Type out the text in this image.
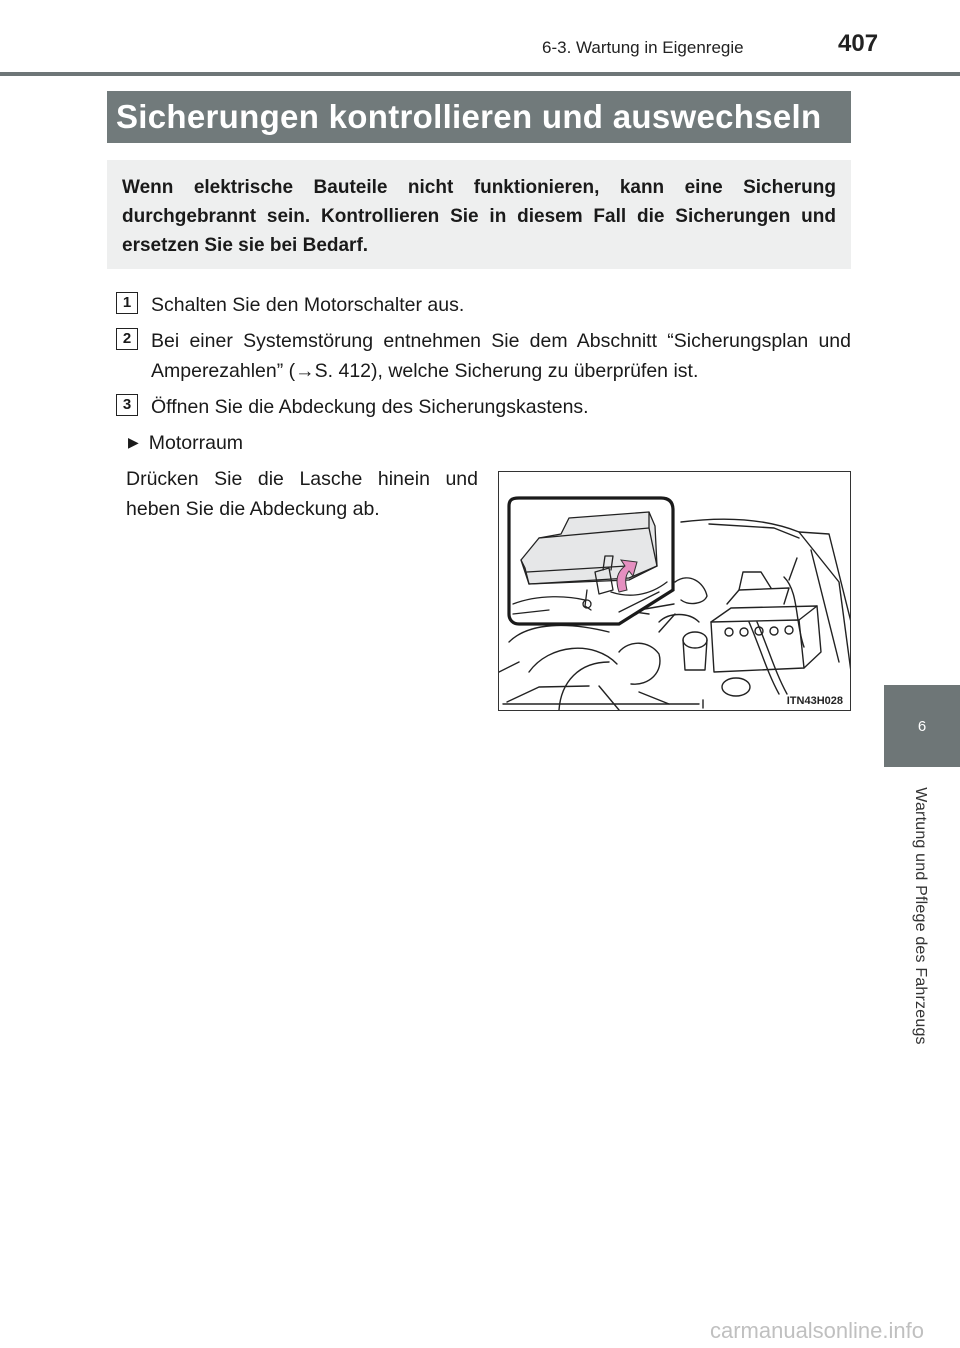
6-3. Wartung in Eigenregie	407
Sicherungen kontrollieren und auswechseln

Wenn elektrische Bauteile nicht funktionieren, kann eine Sicherung durchgebrannt sein. Kontrollieren Sie in diesem Fall die Sicherungen und ersetzen Sie sie bei Bedarf.

1	Schalten Sie den Motorschalter aus.
2	Bei einer Systemstörung entnehmen Sie dem Abschnitt “Sicherungsplan und Amperezahlen” (→S. 412), welche Sicherung zu überprüfen ist.
3	Öffnen Sie die Abdeckung des Sicherungskastens.
▶ Motorraum

Drücken Sie die Lasche hinein und heben Sie die Abdeckung ab.

ITN43H028
6
Wartung und Pflege des Fahrzeugs
carmanualsonline.info
